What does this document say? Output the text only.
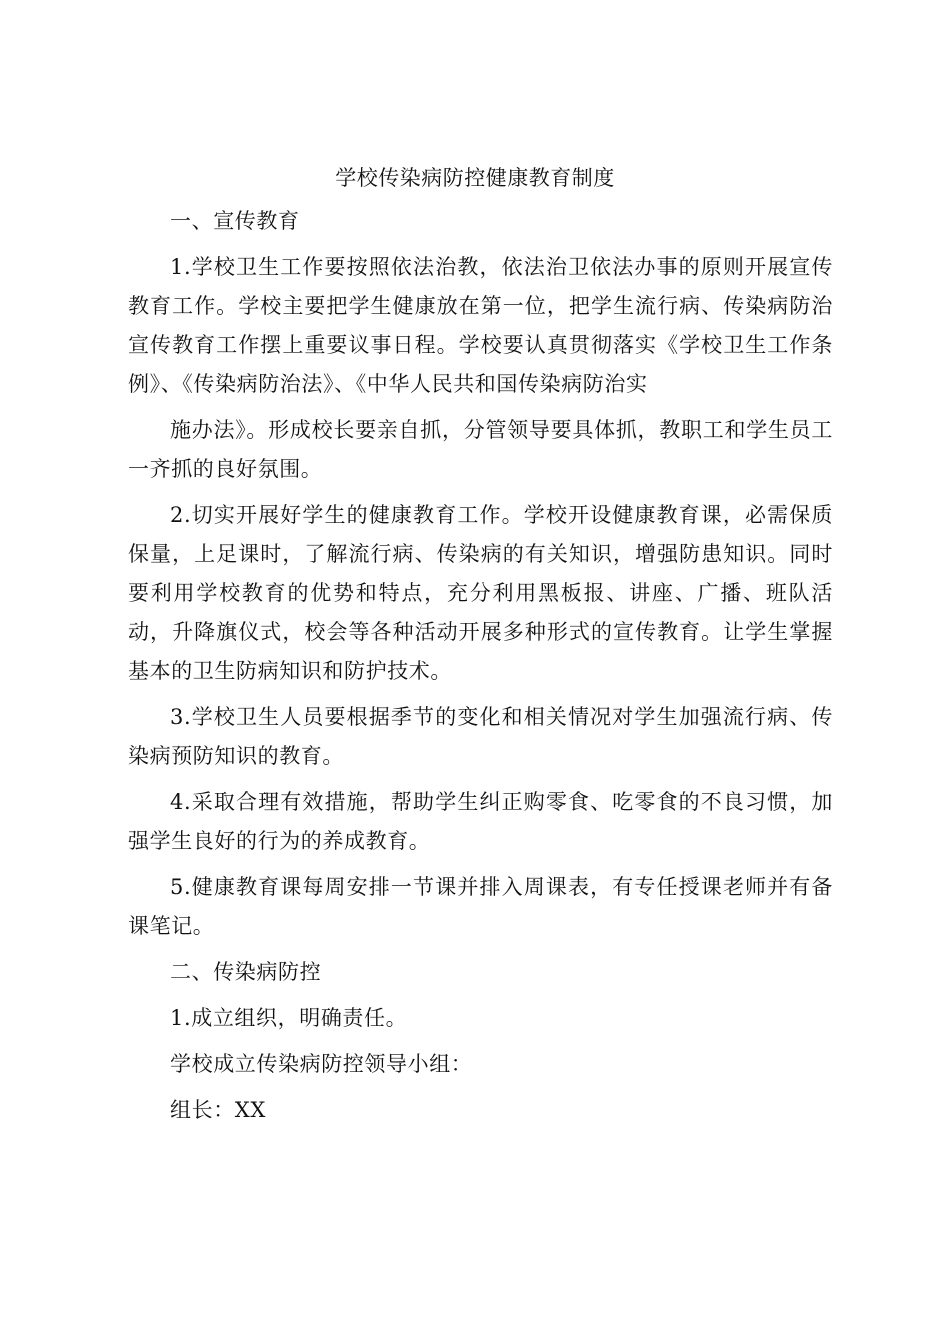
学校传染病防控健康教育制度

一、宣传教育

1.学校卫生工作要按照依法治教，依法治卫依法办事的原则开展宣传教育工作。学校主要把学生健康放在第一位，把学生流行病、传染病防治宣传教育工作摆上重要议事日程。学校要认真贯彻落实《学校卫生工作条例》、《传染病防治法》、《中华人民共和国传染病防治实

施办法》。形成校长要亲自抓，分管领导要具体抓，教职工和学生员工一齐抓的良好氛围。

2.切实开展好学生的健康教育工作。学校开设健康教育课，必需保质保量，上足课时，了解流行病、传染病的有关知识，增强防患知识。同时要利用学校教育的优势和特点，充分利用黑板报、讲座、广播、班队活动，升降旗仪式，校会等各种活动开展多种形式的宣传教育。让学生掌握基本的卫生防病知识和防护技术。

3.学校卫生人员要根据季节的变化和相关情况对学生加强流行病、传染病预防知识的教育。

4.采取合理有效措施，帮助学生纠正购零食、吃零食的不良习惯，加强学生良好的行为的养成教育。

5.健康教育课每周安排一节课并排入周课表，有专任授课老师并有备课笔记。

二、传染病防控

1.成立组织，明确责任。

学校成立传染病防控领导小组：

组长：XX
